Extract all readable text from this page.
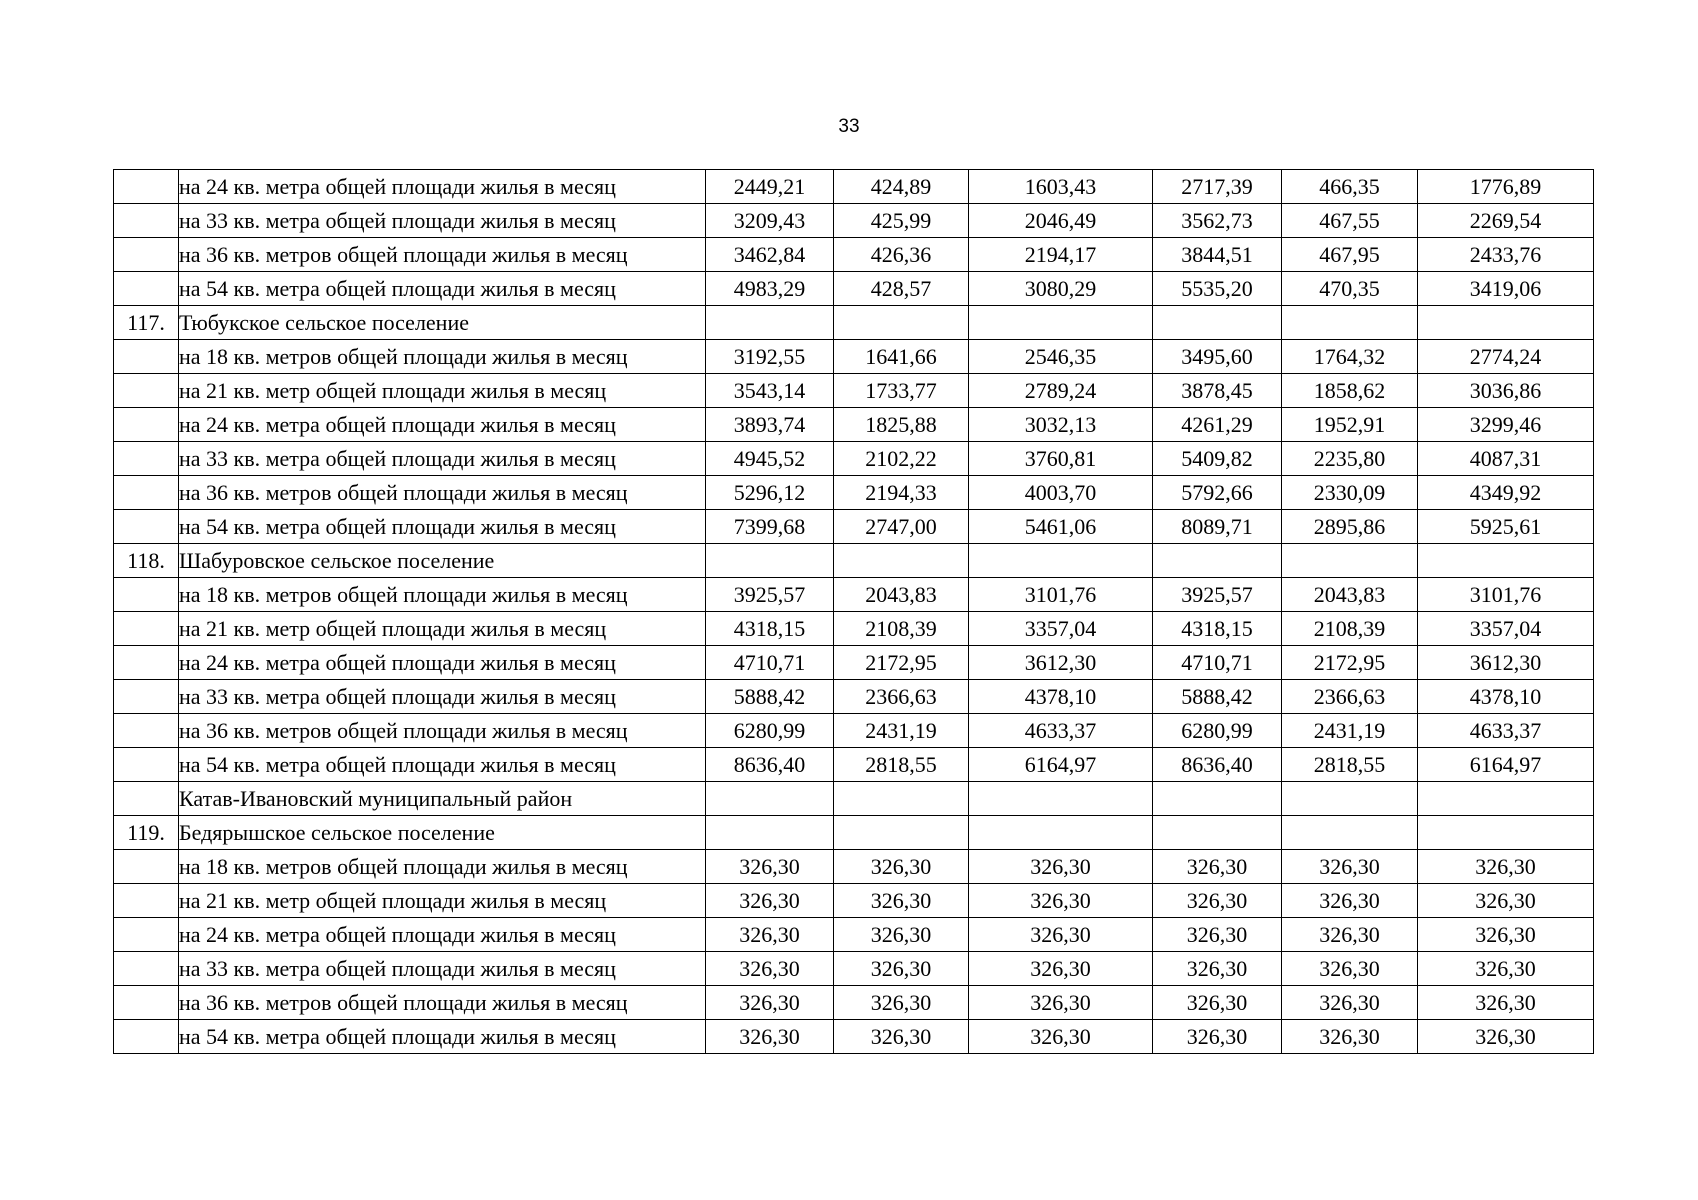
33
	на 24 кв. метра общей площади жилья в месяц	2449,21	424,89	1603,43	2717,39	466,35	1776,89
	на 33 кв. метра общей площади жилья в месяц	3209,43	425,99	2046,49	3562,73	467,55	2269,54
	на 36 кв. метров общей площади жилья в месяц	3462,84	426,36	2194,17	3844,51	467,95	2433,76
	на 54 кв. метра общей площади жилья в месяц	4983,29	428,57	3080,29	5535,20	470,35	3419,06
117.	Тюбукское сельское поселение						
	на 18 кв. метров общей площади жилья в месяц	3192,55	1641,66	2546,35	3495,60	1764,32	2774,24
	на 21 кв. метр общей площади жилья в месяц	3543,14	1733,77	2789,24	3878,45	1858,62	3036,86
	на 24 кв. метра общей площади жилья в месяц	3893,74	1825,88	3032,13	4261,29	1952,91	3299,46
	на 33 кв. метра общей площади жилья в месяц	4945,52	2102,22	3760,81	5409,82	2235,80	4087,31
	на 36 кв. метров общей площади жилья в месяц	5296,12	2194,33	4003,70	5792,66	2330,09	4349,92
	на 54 кв. метра общей площади жилья в месяц	7399,68	2747,00	5461,06	8089,71	2895,86	5925,61
118.	Шабуровское сельское поселение						
	на 18 кв. метров общей площади жилья в месяц	3925,57	2043,83	3101,76	3925,57	2043,83	3101,76
	на 21 кв. метр общей площади жилья в месяц	4318,15	2108,39	3357,04	4318,15	2108,39	3357,04
	на 24 кв. метра общей площади жилья в месяц	4710,71	2172,95	3612,30	4710,71	2172,95	3612,30
	на 33 кв. метра общей площади жилья в месяц	5888,42	2366,63	4378,10	5888,42	2366,63	4378,10
	на 36 кв. метров общей площади жилья в месяц	6280,99	2431,19	4633,37	6280,99	2431,19	4633,37
	на 54 кв. метра общей площади жилья в месяц	8636,40	2818,55	6164,97	8636,40	2818,55	6164,97
	Катав-Ивановский муниципальный район						
119.	Бедярышское сельское поселение						
	на 18 кв. метров общей площади жилья в месяц	326,30	326,30	326,30	326,30	326,30	326,30
	на 21 кв. метр общей площади жилья в месяц	326,30	326,30	326,30	326,30	326,30	326,30
	на 24 кв. метра общей площади жилья в месяц	326,30	326,30	326,30	326,30	326,30	326,30
	на 33 кв. метра общей площади жилья в месяц	326,30	326,30	326,30	326,30	326,30	326,30
	на 36 кв. метров общей площади жилья в месяц	326,30	326,30	326,30	326,30	326,30	326,30
	на 54 кв. метра общей площади жилья в месяц	326,30	326,30	326,30	326,30	326,30	326,30
